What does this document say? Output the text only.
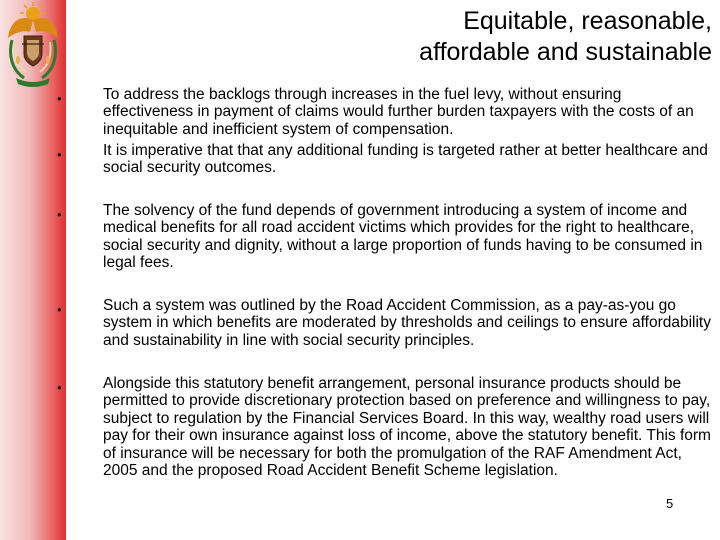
Equitable, reasonable,
affordable and sustainable
•	To address the backlogs through increases in the fuel levy, without ensuring effectiveness in payment of claims would further burden taxpayers with the costs of an inequitable and inefficient system of compensation.
•	It is imperative that that any additional funding is targeted rather at better healthcare and social security outcomes.
•	The solvency of the fund depends of government introducing a system of income and medical benefits for all road accident victims which provides for the right to healthcare, social security and dignity, without a large proportion of funds having to be consumed in legal fees.
•	Such a system was outlined by the Road Accident Commission, as a pay-as-you go system in which benefits are moderated by thresholds and ceilings to ensure affordability and sustainability in line with social security principles.
•	Alongside this statutory benefit arrangement, personal insurance products should be permitted to provide discretionary protection based on preference and willingness to pay, subject to regulation by the Financial Services Board. In this way, wealthy road users will pay for their own insurance against loss of income, above the statutory benefit. This form of insurance will be necessary for both the promulgation of the RAF Amendment Act, 2005 and the proposed Road Accident Benefit Scheme legislation.
5
